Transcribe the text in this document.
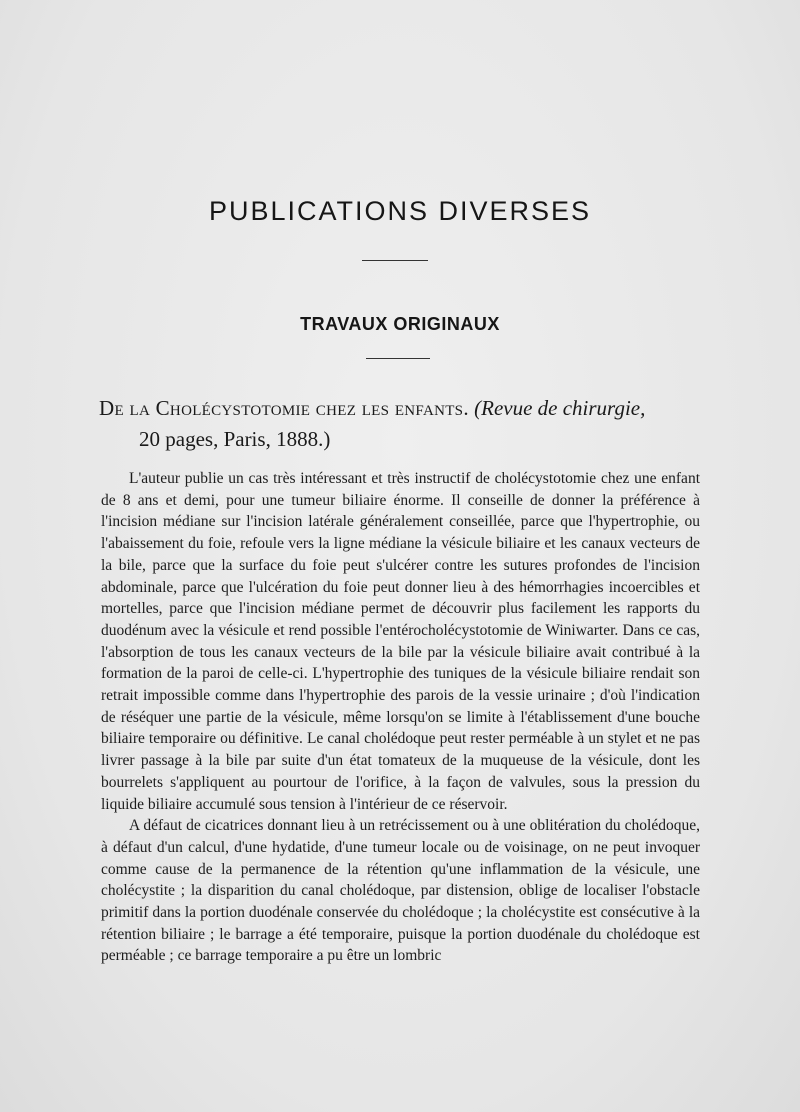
PUBLICATIONS DIVERSES
TRAVAUX ORIGINAUX

De la Cholécystotomie chez les enfants. (Revue de chirurgie,
20 pages, Paris, 1888.)

L'auteur publie un cas très intéressant et très instructif de cholécystotomie chez une enfant de 8 ans et demi, pour une tumeur biliaire énorme. Il conseille de donner la préférence à l'incision médiane sur l'incision latérale généralement conseillée, parce que l'hypertrophie, ou l'abaissement du foie, refoule vers la ligne médiane la vésicule biliaire et les canaux vecteurs de la bile, parce que la surface du foie peut s'ulcérer contre les sutures profondes de l'incision abdominale, parce que l'ulcération du foie peut donner lieu à des hémorrhagies incoercibles et mortelles, parce que l'incision médiane permet de découvrir plus facilement les rapports du duodénum avec la vésicule et rend possible l'entérocholécystotomie de Winiwarter. Dans ce cas, l'absorption de tous les canaux vecteurs de la bile par la vésicule biliaire avait contribué à la formation de la paroi de celle-ci. L'hypertrophie des tuniques de la vésicule biliaire rendait son retrait impossible comme dans l'hypertrophie des parois de la vessie urinaire ; d'où l'indication de réséquer une partie de la vésicule, même lorsqu'on se limite à l'établissement d'une bouche biliaire temporaire ou définitive. Le canal cholédoque peut rester perméable à un stylet et ne pas livrer passage à la bile par suite d'un état tomateux de la muqueuse de la vésicule, dont les bourrelets s'appliquent au pourtour de l'orifice, à la façon de valvules, sous la pression du liquide biliaire accumulé sous tension à l'intérieur de ce réservoir.

A défaut de cicatrices donnant lieu à un retrécissement ou à une oblitération du cholédoque, à défaut d'un calcul, d'une hydatide, d'une tumeur locale ou de voisinage, on ne peut invoquer comme cause de la permanence de la rétention qu'une inflammation de la vésicule, une cholécystite ; la disparition du canal cholédoque, par distension, oblige de localiser l'obstacle primitif dans la portion duodénale conservée du cholédoque ; la cholécystite est consécutive à la rétention biliaire ; le barrage a été temporaire, puisque la portion duodénale du cholédoque est perméable ; ce barrage temporaire a pu être un lombric
